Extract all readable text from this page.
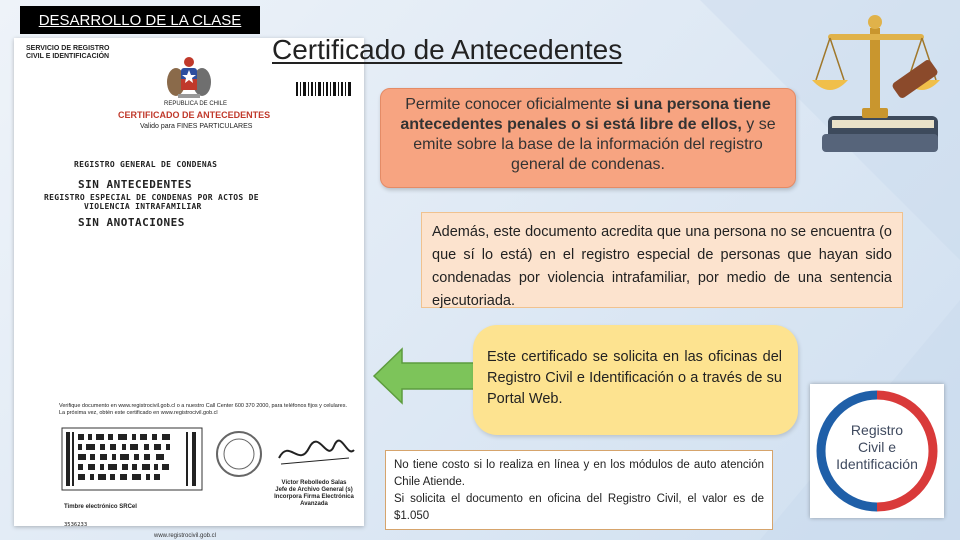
DESARROLLO DE LA CLASE
SERVICIO DE REGISTRO
CIVIL E IDENTIFICACIÓN
REPUBLICA DE CHILE
CERTIFICADO DE ANTECEDENTES
Valido para FINES PARTICULARES
REGISTRO GENERAL DE CONDENAS
SIN ANTECEDENTES
REGISTRO ESPECIAL DE CONDENAS POR ACTOS DE
VIOLENCIA INTRAFAMILIAR
SIN ANOTACIONES
Verifique documento en www.registrocivil.gob.cl o a nuestro Call Center 600 370 2000, para teléfonos fijos y celulares. La próxima vez, obtén este certificado en www.registrocivil.gob.cl
Víctor Rebolledo Salas
Jefe de Archivo General (s)
Incorpora Firma Electrónica Avanzada
Timbre electrónico SRCeI
3536233
www.registrocivil.gob.cl
Certificado de Antecedentes
Permite conocer oficialmente si una persona tiene antecedentes penales o si está libre de ellos, y se emite sobre la base de la información del registro general de condenas.
Además, este documento acredita que una persona no se encuentra (o que sí lo está) en el registro especial de personas que hayan sido condenadas por violencia intrafamiliar, por medio de una sentencia ejecutoriada.
Este certificado se solicita en las oficinas del Registro Civil e Identificación o a través de su Portal Web.
No tiene costo si lo realiza en línea y en los módulos de auto atención Chile Atiende.
Si solicita el documento en oficina del Registro Civil, el valor es de $1.050
Registro
Civil e
Identificación
